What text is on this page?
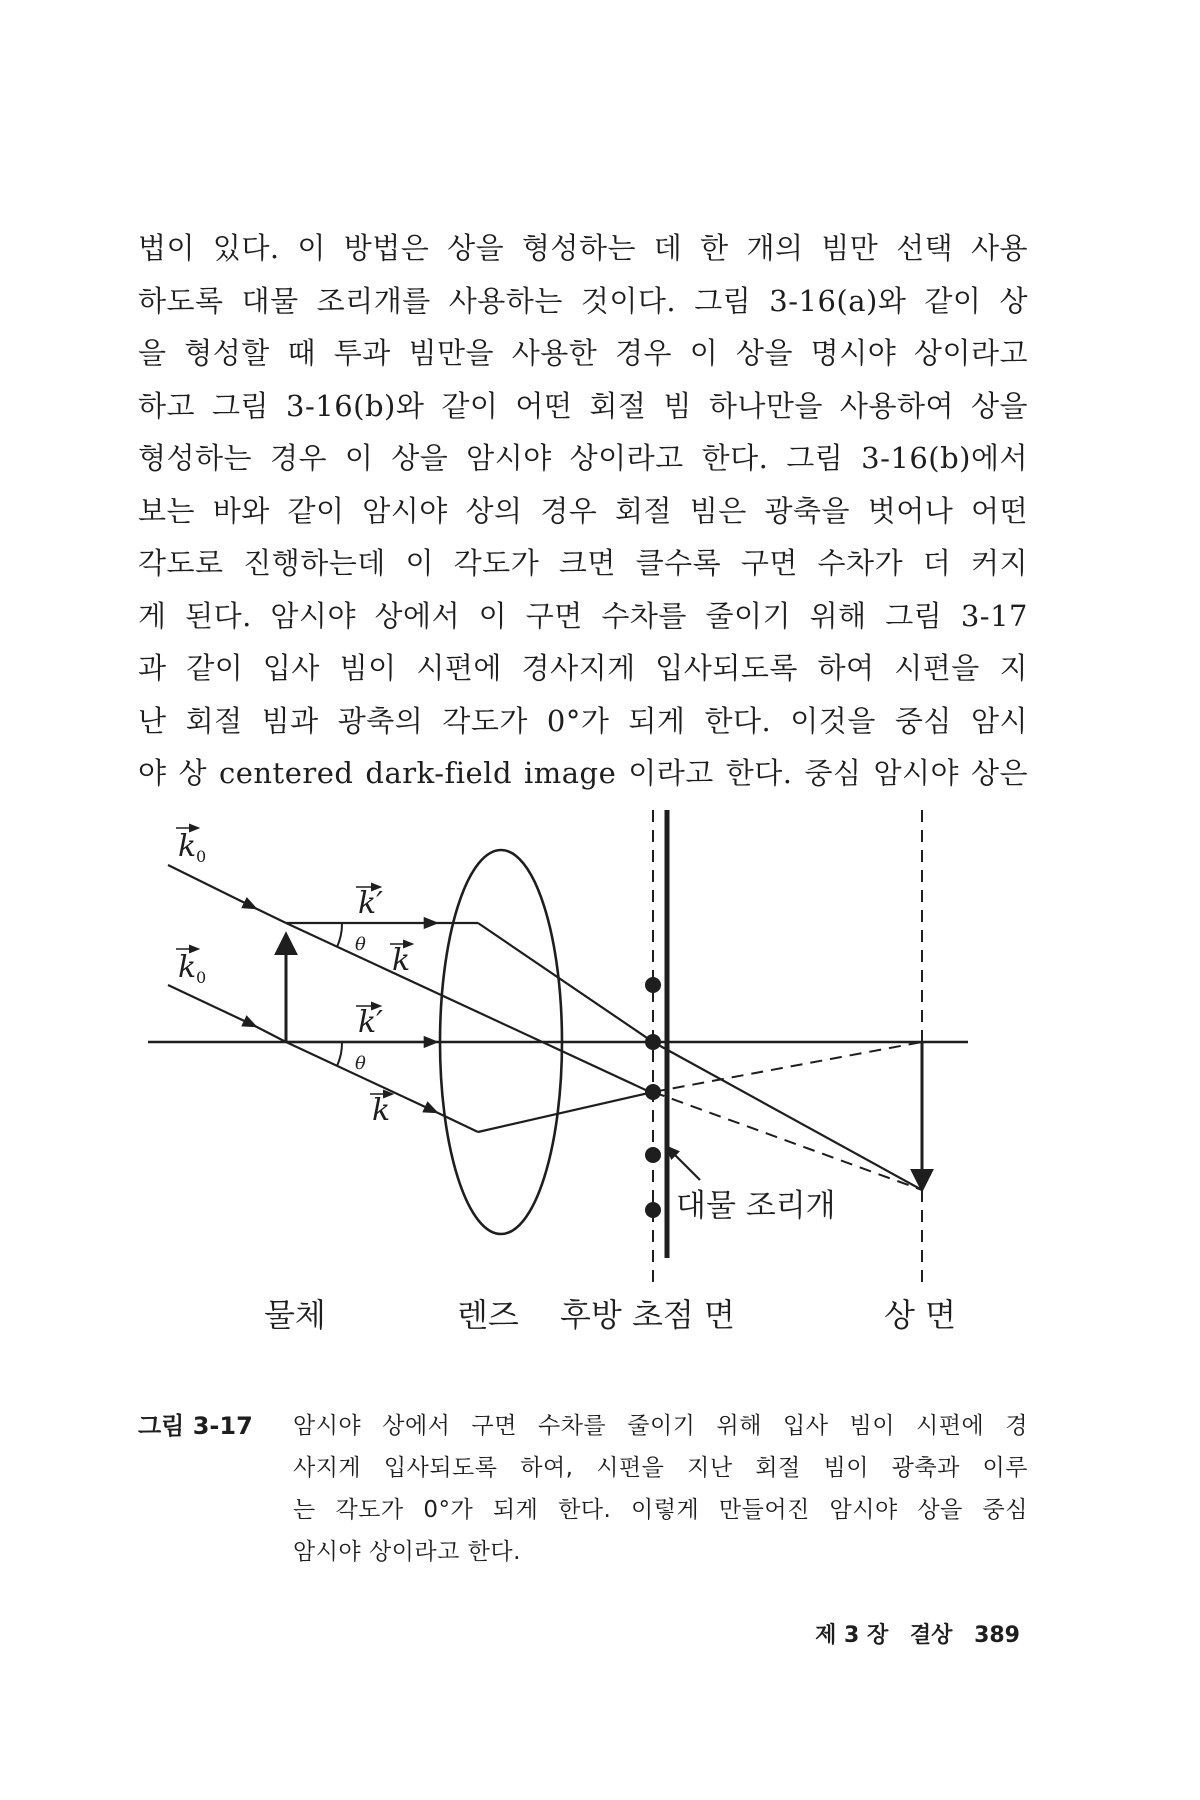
법이 있다. 이 방법은 상을 형성하는 데 한 개의 빔만 선택 사용
하도록 대물 조리개를 사용하는 것이다. 그림 3-16(a)와 같이 상
을 형성할 때 투과 빔만을 사용한 경우 이 상을 명시야 상이라고
하고 그림 3-16(b)와 같이 어떤 회절 빔 하나만을 사용하여 상을
형성하는 경우 이 상을 암시야 상이라고 한다. 그림 3-16(b)에서
보는 바와 같이 암시야 상의 경우 회절 빔은 광축을 벗어나 어떤
각도로 진행하는데 이 각도가 크면 클수록 구면 수차가 더 커지
게 된다. 암시야 상에서 이 구면 수차를 줄이기 위해 그림 3-17
과 같이 입사 빔이 시편에 경사지게 입사되도록 하여 시편을 지
난 회절 빔과 광축의 각도가 0°가 되게 한다. 이것을 중심 암시
야 상 centered dark-field image 이라고 한다. 중심 암시야 상은
k 0
k 0
k′
k′
k
k
θ
θ
대물 조리개
물체	렌즈 후방 초점 면	상 면
그림 3-17 암시야 상에서 구면 수차를 줄이기 위해 입사 빔이 시편에 경
사지게 입사되도록 하여, 시편을 지난 회절 빔이 광축과 이루
는 각도가 0°가 되게 한다. 이렇게 만들어진 암시야 상을 중심
암시야 상이라고 한다.
제 3 장 결상 389
